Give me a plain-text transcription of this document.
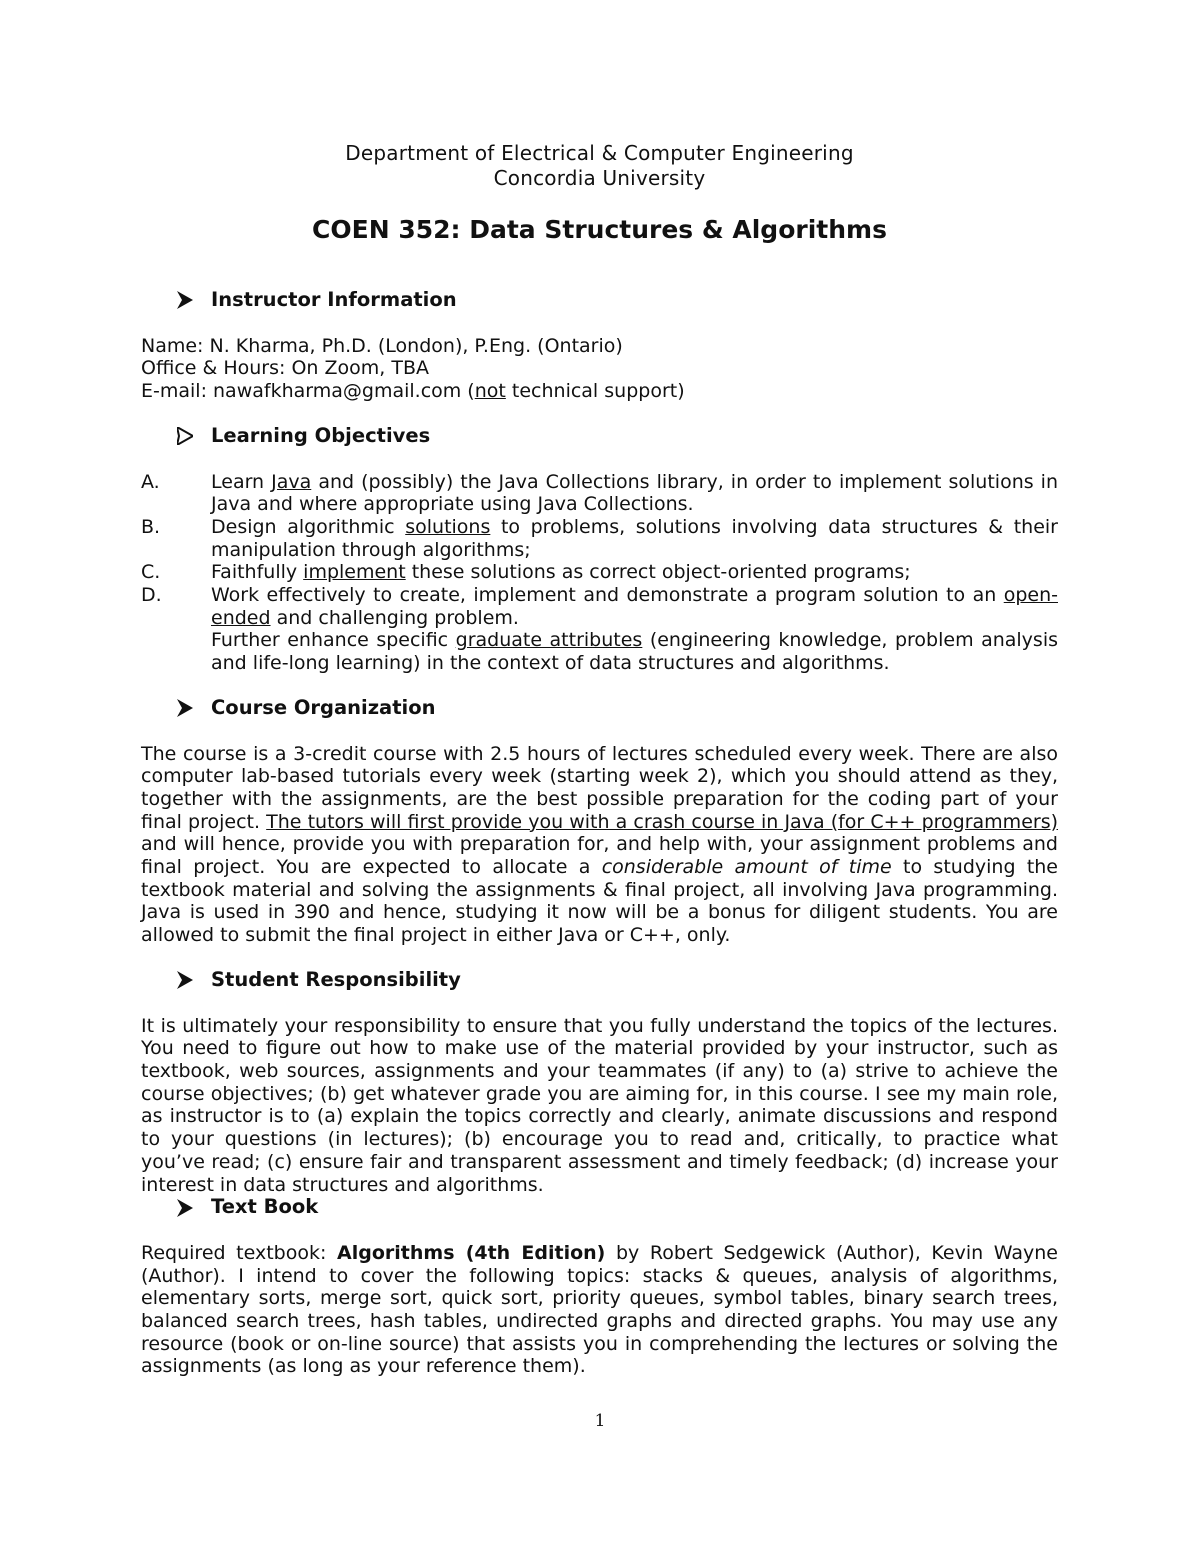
Department of Electrical & Computer Engineering
Concordia University
COEN 352: Data Structures & Algorithms
Instructor Information

Name: N. Kharma, Ph.D. (London), P.Eng. (Ontario)

Office & Hours: On Zoom, TBA

E-mail: nawafkharma@gmail.com (not technical support)

Learning Objectives
A.	Learn Java and (possibly) the Java Collections library, in order to implement solutions in Java and where appropriate using Java Collections.
B.	Design algorithmic solutions to problems, solutions involving data structures & their manipulation through algorithms;
C.	Faithfully implement these solutions as correct object-oriented programs;
D.	Work effectively to create, implement and demonstrate a program solution to an open-ended and challenging problem.

Further enhance specific graduate attributes (engineering knowledge, problem analysis and life-long learning) in the context of data structures and algorithms.

Course Organization

The course is a 3-credit course with 2.5 hours of lectures scheduled every week. There are also computer lab-based tutorials every week (starting week 2), which you should attend as they, together with the assignments, are the best possible preparation for the coding part of your final project. The tutors will first provide you with a crash course in Java (for C++ programmers) and will hence, provide you with preparation for, and help with, your assignment problems and final project. You are expected to allocate a considerable amount of time to studying the textbook material and solving the assignments & final project, all involving Java programming. Java is used in 390 and hence, studying it now will be a bonus for diligent students. You are allowed to submit the final project in either Java or C++, only.

Student Responsibility

It is ultimately your responsibility to ensure that you fully understand the topics of the lectures. You need to figure out how to make use of the material provided by your instructor, such as textbook, web sources, assignments and your teammates (if any) to (a) strive to achieve the course objectives; (b) get whatever grade you are aiming for, in this course. I see my main role, as instructor is to (a) explain the topics correctly and clearly, animate discussions and respond to your questions (in lectures); (b) encourage you to read and, critically, to practice what you’ve read; (c) ensure fair and transparent assessment and timely feedback; (d) increase your interest in data structures and algorithms.

Text Book

Required textbook: Algorithms (4th Edition) by Robert Sedgewick (Author), Kevin Wayne (Author). I intend to cover the following topics: stacks & queues, analysis of algorithms, elementary sorts, merge sort, quick sort, priority queues, symbol tables, binary search trees, balanced search trees, hash tables, undirected graphs and directed graphs. You may use any resource (book or on-line source) that assists you in comprehending the lectures or solving the assignments (as long as your reference them).

1
